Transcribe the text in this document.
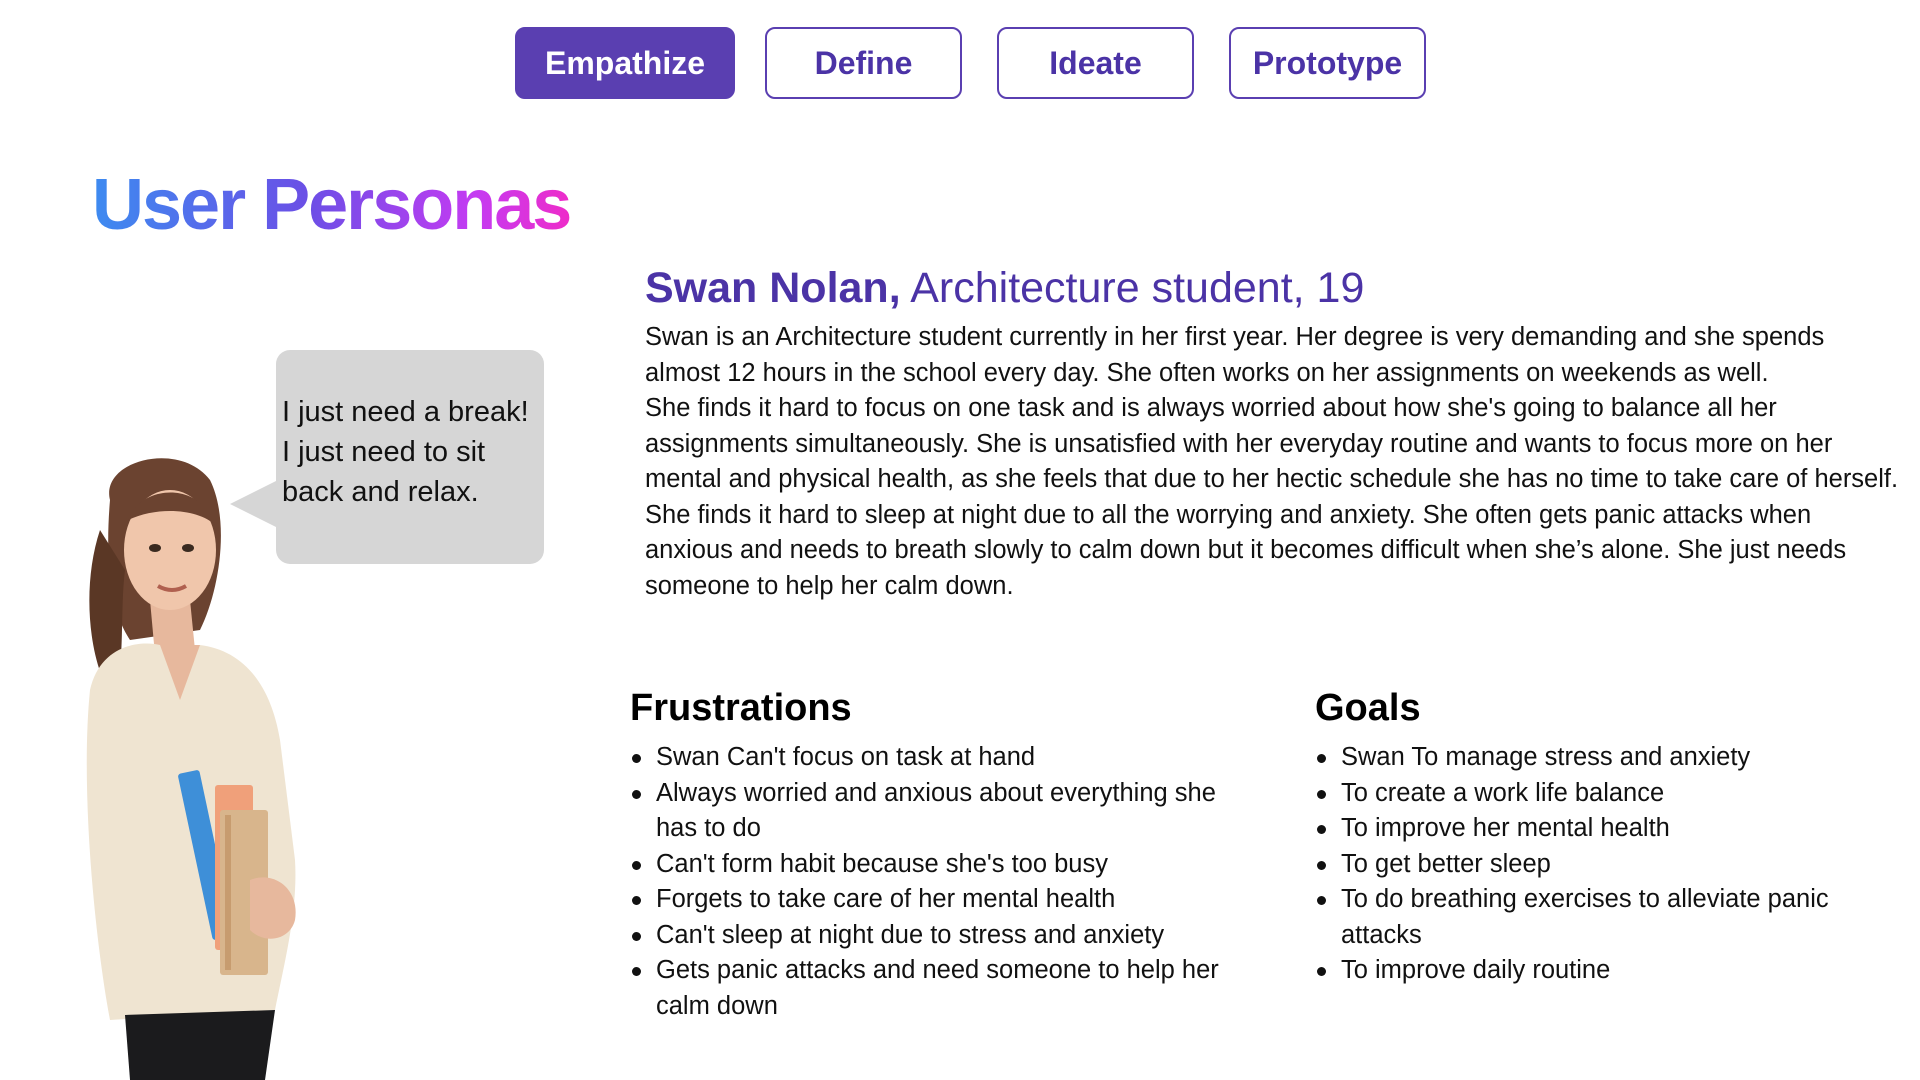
Empathize	Define	Ideate	Prototype
User Personas
I just need a break!
I just need to sit
back and relax.
Swan Nolan, Architecture student, 19

Swan is an Architecture student currently in her first year. Her degree is very demanding and she spends almost 12 hours in the school every day. She often works on her assignments on weekends as well.

She finds it hard to focus on one task and is always worried about how she's going to balance all her assignments simultaneously. She is unsatisfied with her everyday routine and wants to focus more on her mental and physical health, as she feels that due to her hectic schedule she has no time to take care of herself. She finds it hard to sleep at night due to all the worrying and anxiety. She often gets panic attacks when anxious and needs to breath slowly to calm down but it becomes difficult when she’s alone. She just needs someone to help her calm down.

Frustrations
Swan Can't focus on task at hand
Always worried and anxious about everything she has to do
Can't form habit because she's too busy
Forgets to take care of her mental health
Can't sleep at night due to stress and anxiety
Gets panic attacks and need someone to help her calm down
Goals
Swan To manage stress and anxiety
To create a work life balance
To improve her mental health
To get better sleep
To do breathing exercises to alleviate panic attacks
To improve daily routine
